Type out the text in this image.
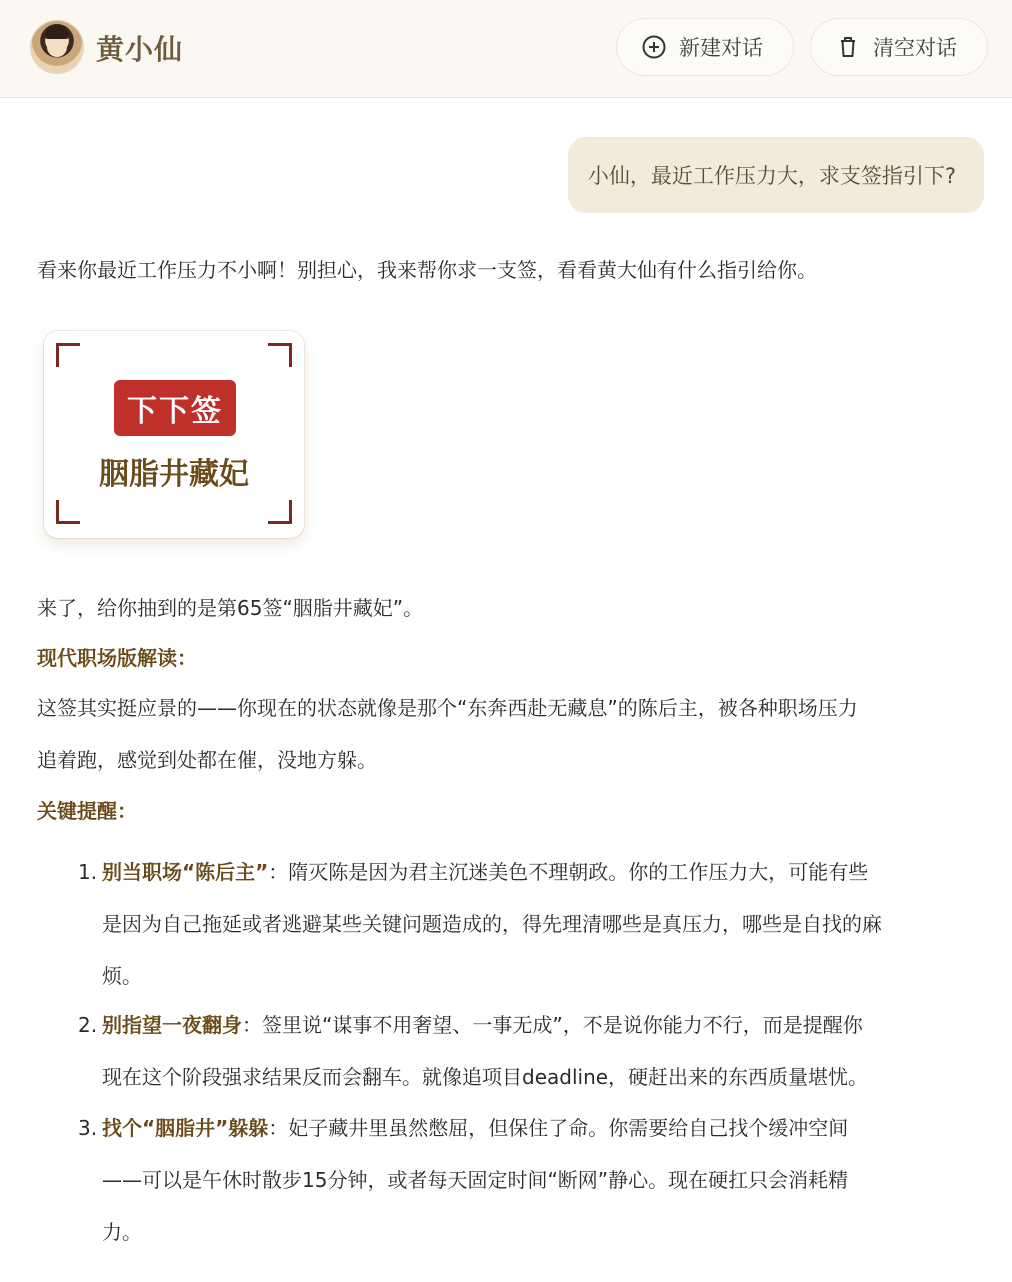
黄小仙	新建对话	清空对话
小仙，最近工作压力大，求支签指引下?
看来你最近工作压力不小啊！别担心，我来帮你求一支签，看看黄大仙有什么指引给你。
下下签
胭脂井藏妃
来了，给你抽到的是第65签“胭脂井藏妃”。
现代职场版解读：
这签其实挺应景的——你现在的状态就像是那个“东奔西赴无藏息”的陈后主，被各种职场压力
追着跑，感觉到处都在催，没地方躲。
关键提醒：
1. 别当职场“陈后主”：隋灭陈是因为君主沉迷美色不理朝政。你的工作压力大，可能有些
是因为自己拖延或者逃避某些关键问题造成的，得先理清哪些是真压力，哪些是自找的麻
烦。
2. 别指望一夜翻身：签里说“谋事不用奢望、一事无成”，不是说你能力不行，而是提醒你
现在这个阶段强求结果反而会翻车。就像追项目deadline，硬赶出来的东西质量堪忧。
3. 找个“胭脂井”躲躲：妃子藏井里虽然憋屈，但保住了命。你需要给自己找个缓冲空间
——可以是午休时散步15分钟，或者每天固定时间“断网”静心。现在硬扛只会消耗精
力。
